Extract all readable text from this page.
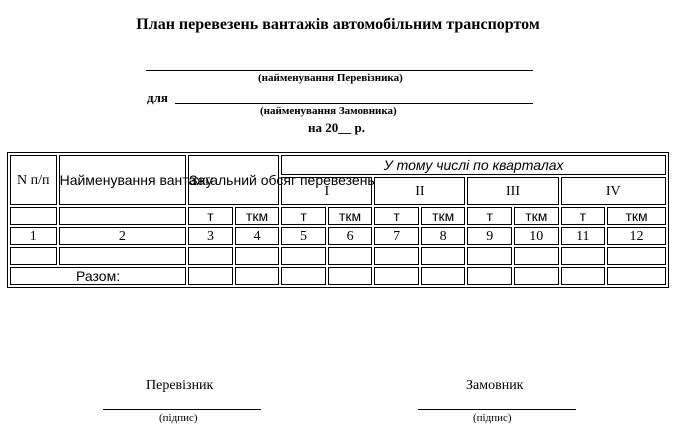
План перевезень вантажів автомобільним транспортом
(найменування Перевізника)
для
(найменування Замовника)
на 20__ р.
N п/п	Найменування вантажу	Загальний обсяг перевезень		У тому числі по кварталах							
				I		II		III		IV	
		т	ткм	т	ткм	т	ткм	т	ткм	т	ткм
1	2	3	4	5	6	7	8	9	10	11	12

Разом:											
Перевізник
(підпис)
Замовник
(підпис)
